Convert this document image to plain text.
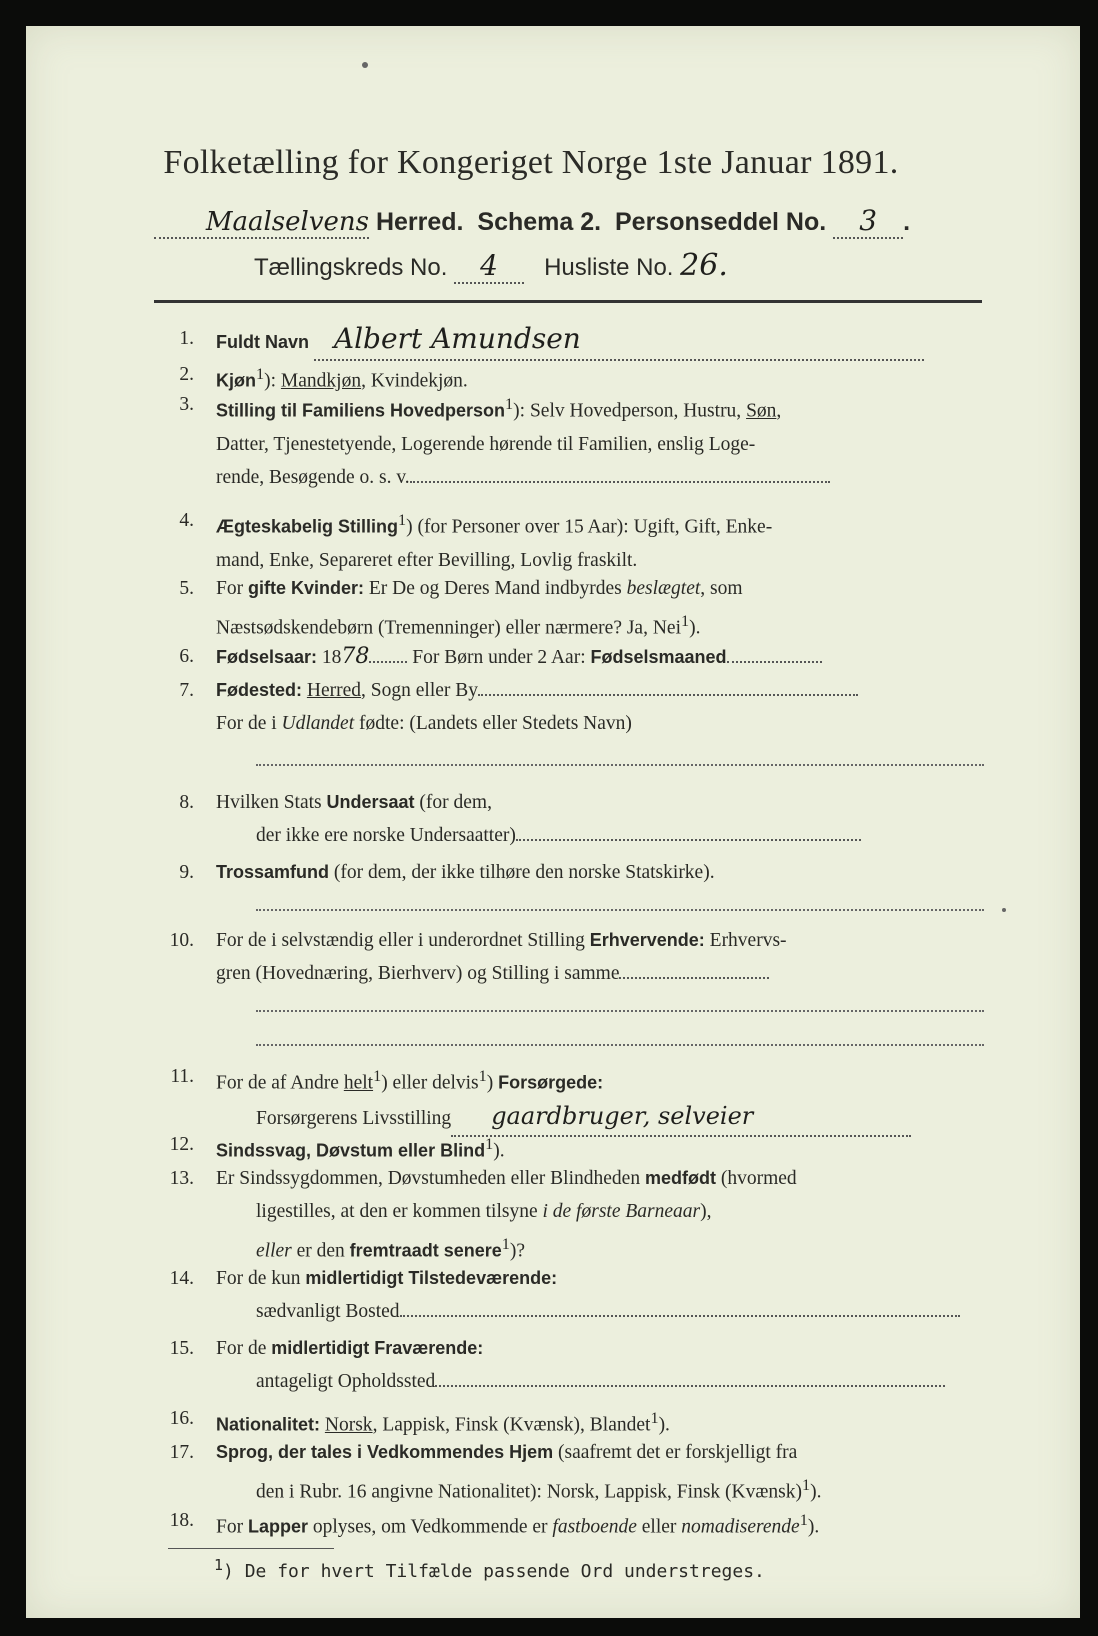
Folketælling for Kongeriget Norge 1ste Januar 1891.
Maalselvens Herred. Schema 2. Personseddel No. 3 .
Tællingskreds No. 4 Husliste No. 26.
1. Fuldt Navn Albert Amundsen
2. Kjøn$^1$): Mandkjøn, Kvindekjøn.
3. Stilling til Familiens Hovedperson$^1$): Selv Hovedperson, Hustru, Søn,
Datter, Tjenestetyende, Logerende hørende til Familien, enslig Loge-
rende, Besøgende o. s. v.
4. Ægteskabelig Stilling$^1$) (for Personer over 15 Aar): Ugift, Gift, Enke-
mand, Enke, Separeret efter Bevilling, Lovlig fraskilt.
5. For gifte Kvinder: Er De og Deres Mand indbyrdes beslægtet, som
Næstsødskendebørn (Tremenninger) eller nærmere? Ja, Nei$^1$).
6. Fødselsaar: 1878 For Børn under 2 Aar: Fødselsmaaned
7. Fødested: Herred, Sogn eller By
For de i Udlandet fødte: (Landets eller Stedets Navn)
8. Hvilken Stats Undersaat (for dem,
der ikke ere norske Undersaatter)
9. Trossamfund (for dem, der ikke tilhøre den norske Statskirke).
10. For de i selvstændig eller i underordnet Stilling Erhvervende: Erhvervs-
gren (Hovednæring, Bierhverv) og Stilling i samme
11. For de af Andre helt$^1$) eller delvis$^1$) Forsørgede:
Forsørgerens Livsstilling gaardbruger, selveier
12. Sindssvag, Døvstum eller Blind$^1$).
13. Er Sindssygdommen, Døvstumheden eller Blindheden medfødt (hvormed
ligestilles, at den er kommen tilsyne i de første Barneaar),
eller er den fremtraadt senere$^1$)?
14. For de kun midlertidigt Tilstedeværende:
sædvanligt Bosted
15. For de midlertidigt Fraværende:
antageligt Opholdssted
16. Nationalitet: Norsk, Lappisk, Finsk (Kvænsk), Blandet$^1$).
17. Sprog, der tales i Vedkommendes Hjem (saafremt det er forskjelligt fra
den i Rubr. 16 angivne Nationalitet): Norsk, Lappisk, Finsk (Kvænsk)$^1$).
18. For Lapper oplyses, om Vedkommende er fastboende eller nomadiserende$^1$).
$^1$) De for hvert Tilfælde passende Ord understreges.
